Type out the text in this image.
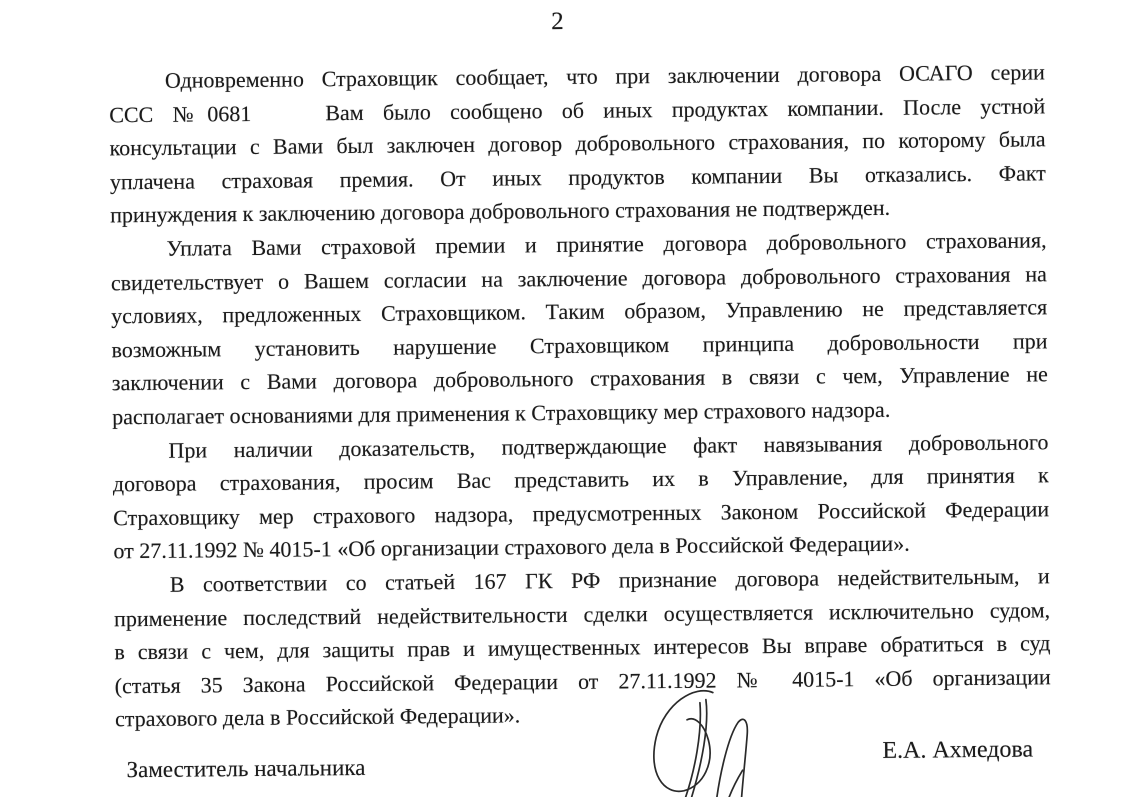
2
Одновременно Страховщик сообщает, что при заключении договора ОСАГО серии
ССС №0681	Вам было сообщено об иных продуктах компании. После устной
консультации с Вами был заключен договор добровольного страхования, по которому была
уплачена страховая премия. От иных продуктов компании Вы отказались. Факт
принуждения к заключению договора добровольного страхования не подтвержден.
Уплата Вами страховой премии и принятие договора добровольного страхования,
свидетельствует о Вашем согласии на заключение договора добровольного страхования на
условиях, предложенных Страховщиком. Таким образом, Управлению не представляется
возможным установить нарушение Страховщиком принципа добровольности при
заключении с Вами договора добровольного страхования в связи с чем, Управление не
располагает основаниями для применения к Страховщику мер страхового надзора.
При наличии доказательств, подтверждающие факт навязывания добровольного
договора страхования, просим Вас представить их в Управление, для принятия к
Страховщику мер страхового надзора, предусмотренных Законом Российской Федерации
от 27.11.1992 № 4015-1 «Об организации страхового дела в Российской Федерации».
В соответствии со статьей 167 ГК РФ признание договора недействительным, и
применение последствий недействительности сделки осуществляется исключительно судом,
в связи с чем, для защиты прав и имущественных интересов Вы вправе обратиться в суд
(статья 35 Закона Российской Федерации от 27.11.1992 № 4015-1 «Об организации
страхового дела в Российской Федерации».
Заместитель начальника
Е.А. Ахмедова
